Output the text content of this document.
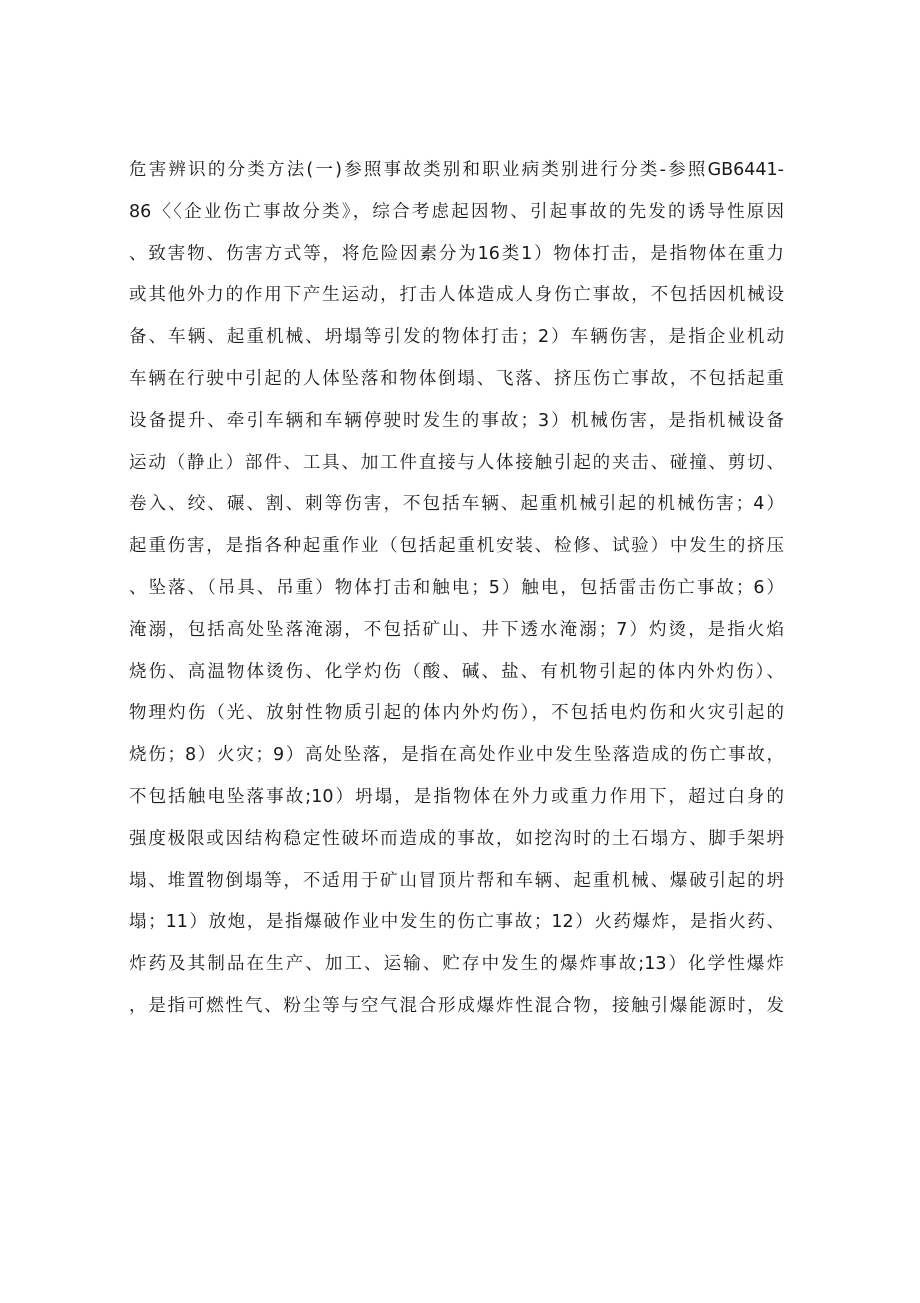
危害辨识的分类方法(一)参照事故类别和职业病类别进行分类-参照GB6441-
86〈〈企业伤亡事故分类》，综合考虑起因物、引起事故的先发的诱导性原因
、致害物、伤害方式等，将危险因素分为16类1）物体打击，是指物体在重力
或其他外力的作用下产生运动，打击人体造成人身伤亡事故，不包括因机械设
备、车辆、起重机械、坍塌等引发的物体打击；2）车辆伤害，是指企业机动
车辆在行驶中引起的人体坠落和物体倒塌、飞落、挤压伤亡事故，不包括起重
设备提升、牵引车辆和车辆停驶时发生的事故；3）机械伤害，是指机械设备
运动（静止）部件、工具、加工件直接与人体接触引起的夹击、碰撞、剪切、
卷入、绞、碾、割、刺等伤害，不包括车辆、起重机械引起的机械伤害；4）
起重伤害，是指各种起重作业（包括起重机安装、检修、试验）中发生的挤压
、坠落、（吊具、吊重）物体打击和触电；5）触电，包括雷击伤亡事故；6）
淹溺，包括高处坠落淹溺，不包括矿山、井下透水淹溺；7）灼烫，是指火焰
烧伤、高温物体烫伤、化学灼伤（酸、碱、盐、有机物引起的体内外灼伤）、
物理灼伤（光、放射性物质引起的体内外灼伤），不包括电灼伤和火灾引起的
烧伤；8）火灾；9）高处坠落，是指在高处作业中发生坠落造成的伤亡事故，
不包括触电坠落事故;10）坍塌，是指物体在外力或重力作用下，超过白身的
强度极限或因结构稳定性破坏而造成的事故，如挖沟时的土石塌方、脚手架坍
塌、堆置物倒塌等，不适用于矿山冒顶片帮和车辆、起重机械、爆破引起的坍
塌；11）放炮，是指爆破作业中发生的伤亡事故；12）火药爆炸，是指火药、
炸药及其制品在生产、加工、运输、贮存中发生的爆炸事故;13）化学性爆炸
，是指可燃性气、粉尘等与空气混合形成爆炸性混合物，接触引爆能源时，发
